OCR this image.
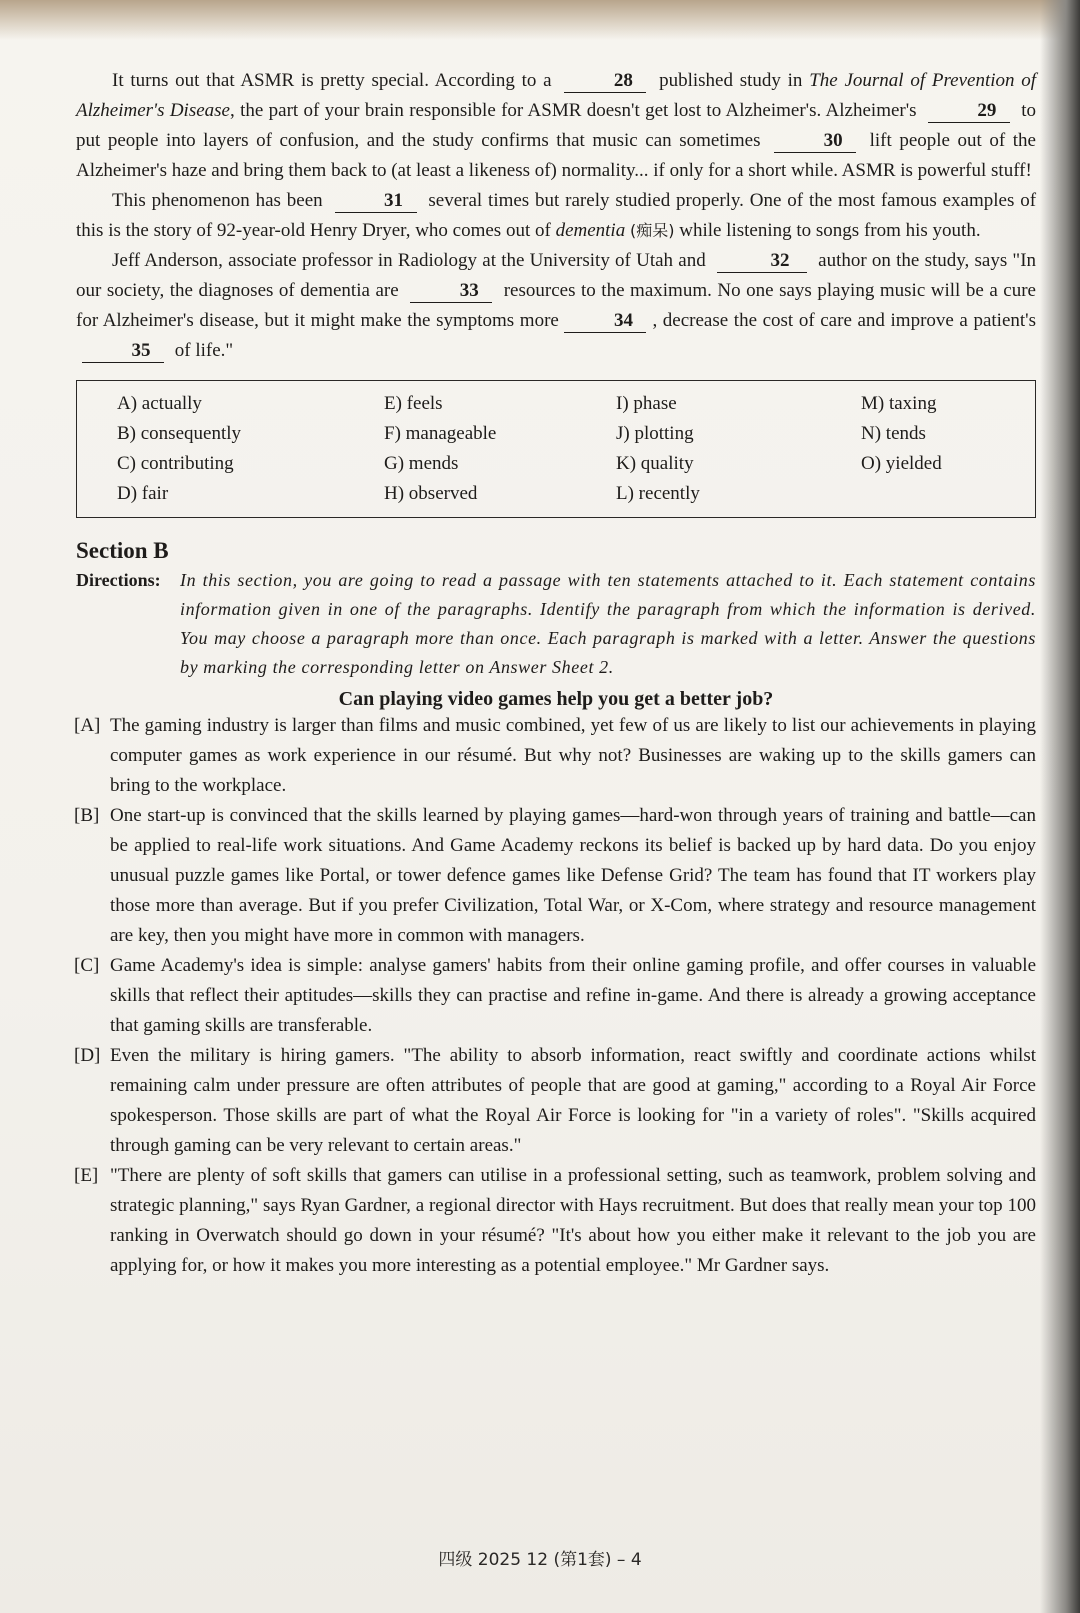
It turns out that ASMR is pretty special. According to a	28 published study in The Journal of Prevention of Alzheimer's Disease, the part of your brain responsible for ASMR doesn't get lost to Alzheimer's. Alzheimer's	29 to put people into layers of confusion, and the study confirms that music can sometimes	30 lift people out of the Alzheimer's haze and bring them back to (at least a likeness of) normality... if only for a short while. ASMR is powerful stuff!

This phenomenon has been	31 several times but rarely studied properly. One of the most famous examples of this is the story of 92-year-old Henry Dryer, who comes out of dementia (痴呆) while listening to songs from his youth.

Jeff Anderson, associate professor in Radiology at the University of Utah and	32 author on the study, says "In our society, the diagnoses of dementia are	33 resources to the maximum. No one says playing music will be a cure for Alzheimer's disease, but it might make the symptoms more	34 , decrease the cost of care and improve a patient's 35 of life."

A) actually	E) feels	I) phase	M) taxing
B) consequently	F) manageable	J) plotting	N) tends
C) contributing	G) mends	K) quality	O) yielded
D) fair	H) observed	L) recently
Section B
Directions:	In this section, you are going to read a passage with ten statements attached to it. Each statement contains information given in one of the paragraphs. Identify the paragraph from which the information is derived. You may choose a paragraph more than once. Each paragraph is marked with a letter. Answer the questions by marking the corresponding letter on Answer Sheet 2.
Can playing video games help you get a better job?
[A] The gaming industry is larger than films and music combined, yet few of us are likely to list our achievements in playing computer games as work experience in our résumé. But why not? Businesses are waking up to the skills gamers can bring to the workplace.
[B] One start-up is convinced that the skills learned by playing games—hard-won through years of training and battle—can be applied to real-life work situations. And Game Academy reckons its belief is backed up by hard data. Do you enjoy unusual puzzle games like Portal, or tower defence games like Defense Grid? The team has found that IT workers play those more than average. But if you prefer Civilization, Total War, or X-Com, where strategy and resource management are key, then you might have more in common with managers.
[C] Game Academy's idea is simple: analyse gamers' habits from their online gaming profile, and offer courses in valuable skills that reflect their aptitudes—skills they can practise and refine in-game. And there is already a growing acceptance that gaming skills are transferable.
[D] Even the military is hiring gamers. "The ability to absorb information, react swiftly and coordinate actions whilst remaining calm under pressure are often attributes of people that are good at gaming," according to a Royal Air Force spokesperson. Those skills are part of what the Royal Air Force is looking for "in a variety of roles". "Skills acquired through gaming can be very relevant to certain areas."
[E] "There are plenty of soft skills that gamers can utilise in a professional setting, such as teamwork, problem solving and strategic planning," says Ryan Gardner, a regional director with Hays recruitment. But does that really mean your top 100 ranking in Overwatch should go down in your résumé? "It's about how you either make it relevant to the job you are applying for, or how it makes you more interesting as a potential employee." Mr Gardner says.
四级 2025 12 (第1套) – 4
